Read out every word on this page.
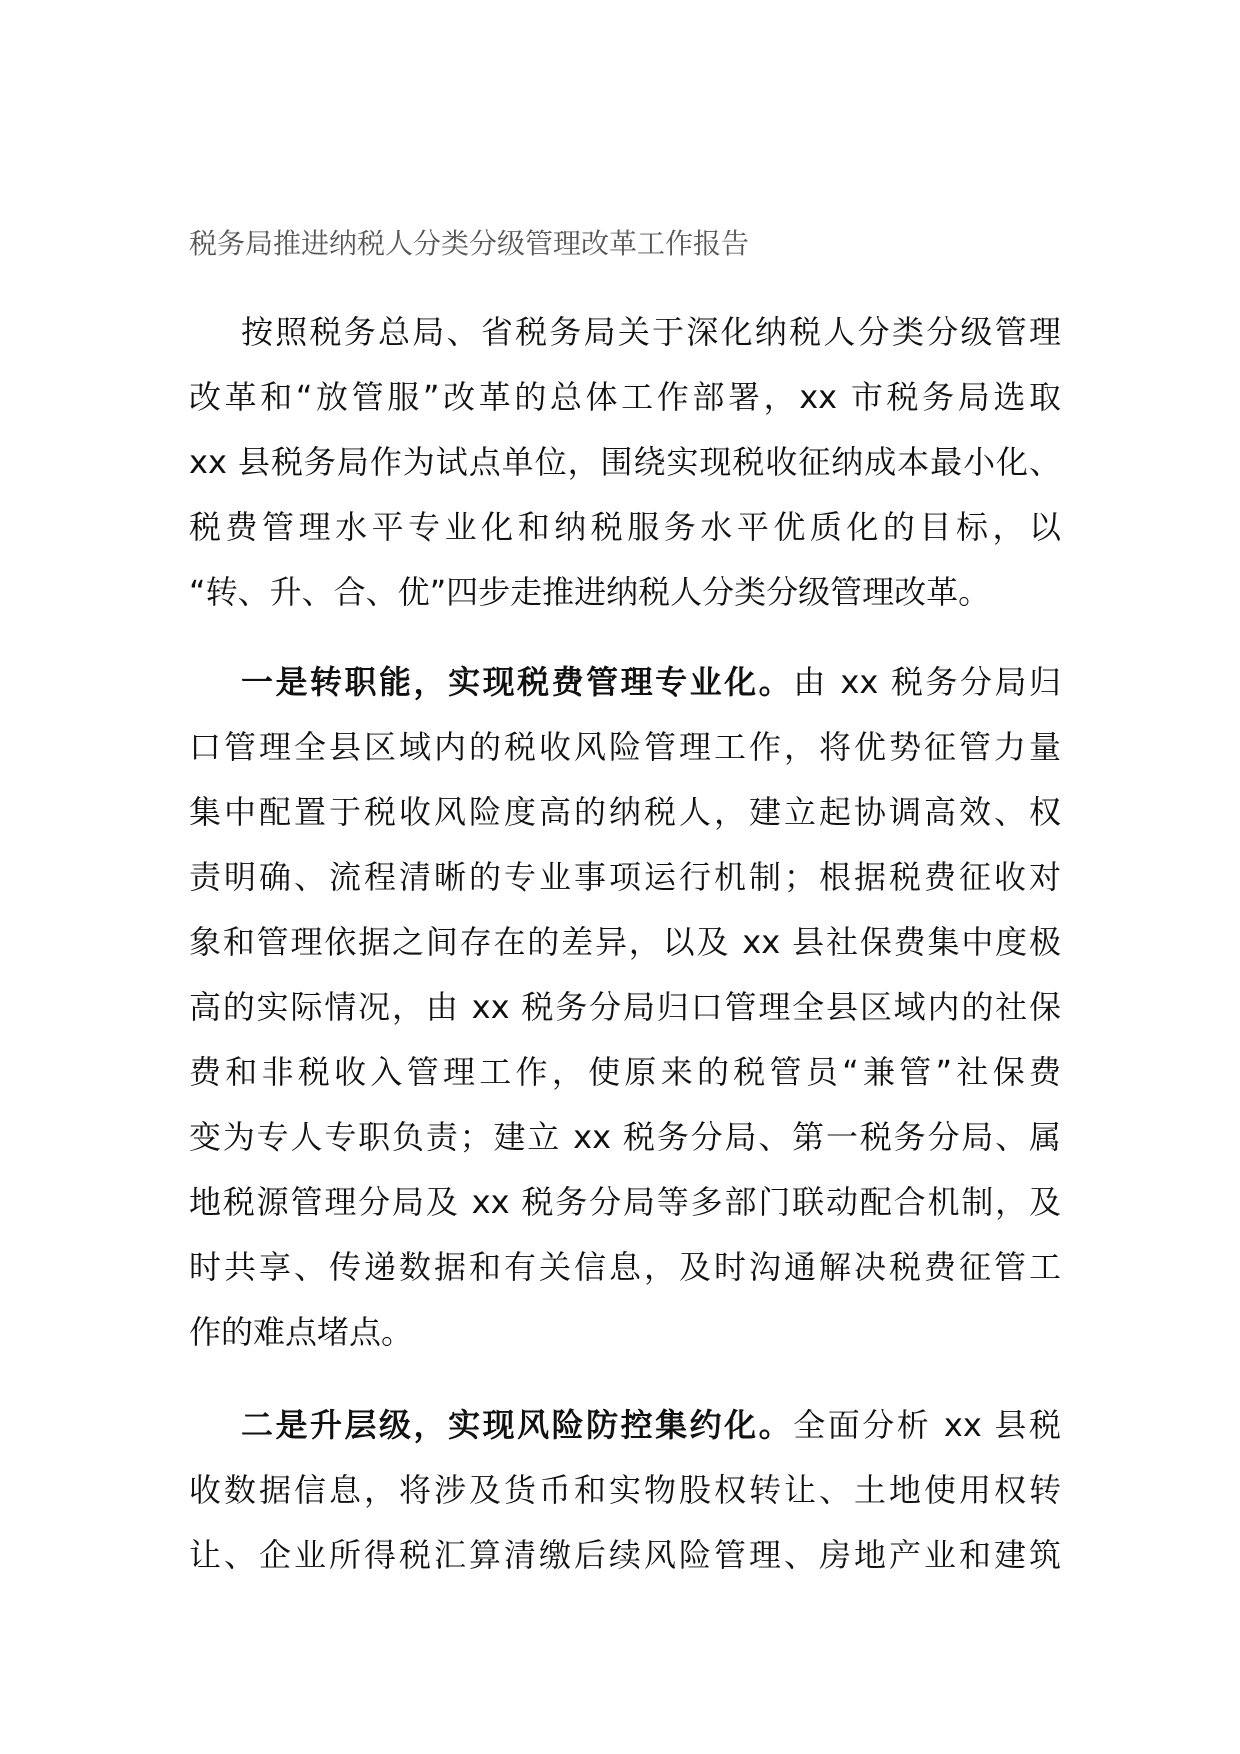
税务局推进纳税人分类分级管理改革工作报告
按照税务总局、省税务局关于深化纳税人分类分级管理
改革和“放管服”改革的总体工作部署，xx 市税务局选取
xx 县税务局作为试点单位，围绕实现税收征纳成本最小化、
税费管理水平专业化和纳税服务水平优质化的目标，以
“转、升、合、优”四步走推进纳税人分类分级管理改革。
一是转职能，实现税费管理专业化。由 xx 税务分局归
口管理全县区域内的税收风险管理工作，将优势征管力量
集中配置于税收风险度高的纳税人，建立起协调高效、权
责明确、流程清晰的专业事项运行机制；根据税费征收对
象和管理依据之间存在的差异，以及 xx 县社保费集中度极
高的实际情况，由 xx 税务分局归口管理全县区域内的社保
费和非税收入管理工作，使原来的税管员“兼管”社保费
变为专人专职负责；建立 xx 税务分局、第一税务分局、属
地税源管理分局及 xx 税务分局等多部门联动配合机制，及
时共享、传递数据和有关信息，及时沟通解决税费征管工
作的难点堵点。
二是升层级，实现风险防控集约化。全面分析 xx 县税
收数据信息，将涉及货币和实物股权转让、土地使用权转
让、企业所得税汇算清缴后续风险管理、房地产业和建筑
